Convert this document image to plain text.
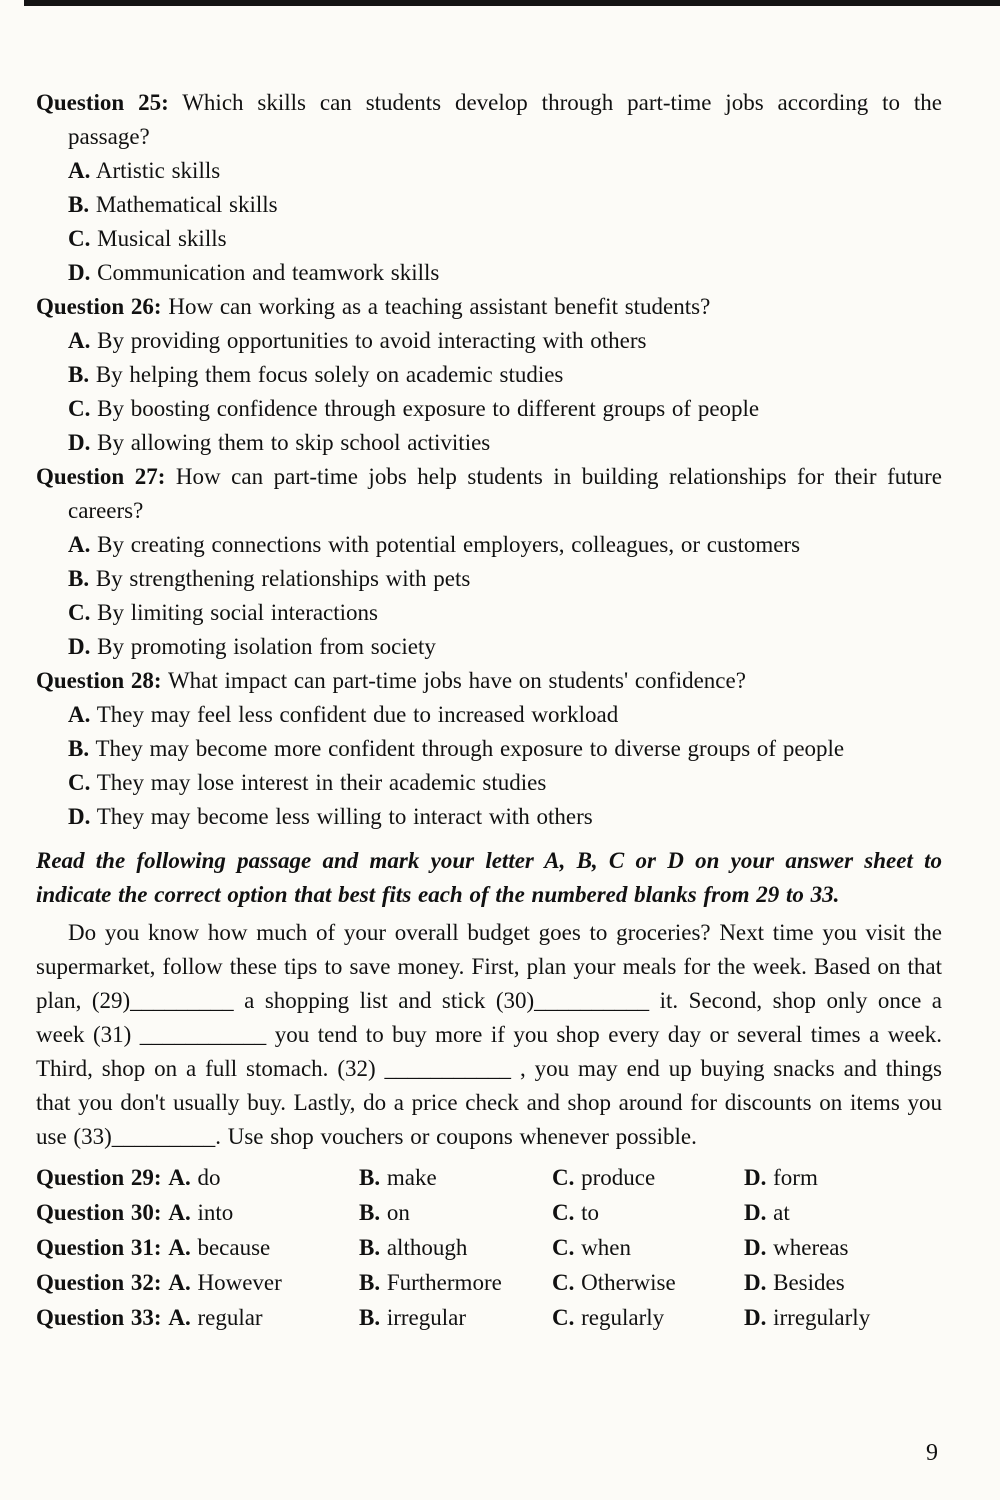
Question 25: Which skills can students develop through part-time jobs according to the passage?

A. Artistic skills

B. Mathematical skills

C. Musical skills

D. Communication and teamwork skills

Question 26: How can working as a teaching assistant benefit students?

A. By providing opportunities to avoid interacting with others

B. By helping them focus solely on academic studies

C. By boosting confidence through exposure to different groups of people

D. By allowing them to skip school activities

Question 27: How can part-time jobs help students in building relationships for their future careers?

A. By creating connections with potential employers, colleagues, or customers

B. By strengthening relationships with pets

C. By limiting social interactions

D. By promoting isolation from society

Question 28: What impact can part-time jobs have on students' confidence?

A. They may feel less confident due to increased workload

B. They may become more confident through exposure to diverse groups of people

C. They may lose interest in their academic studies

D. They may become less willing to interact with others

Read the following passage and mark your letter A, B, C or D on your answer sheet to indicate the correct option that best fits each of the numbered blanks from 29 to 33.

Do you know how much of your overall budget goes to groceries? Next time you visit the supermarket, follow these tips to save money. First, plan your meals for the week. Based on that plan, (29)_________ a shopping list and stick (30)__________ it. Second, shop only once a week (31) ___________ you tend to buy more if you shop every day or several times a week. Third, shop on a full stomach. (32) ___________ , you may end up buying snacks and things that you don't usually buy. Lastly, do a price check and shop around for discounts on items you use (33)_________. Use shop vouchers or coupons whenever possible.

Question 29: A. do	B. make	C. produce	D. form
Question 30: A. into	B. on	C. to	D. at
Question 31: A. because	B. although	C. when	D. whereas
Question 32: A. However	B. Furthermore	C. Otherwise	D. Besides
Question 33: A. regular	B. irregular	C. regularly	D. irregularly
9
